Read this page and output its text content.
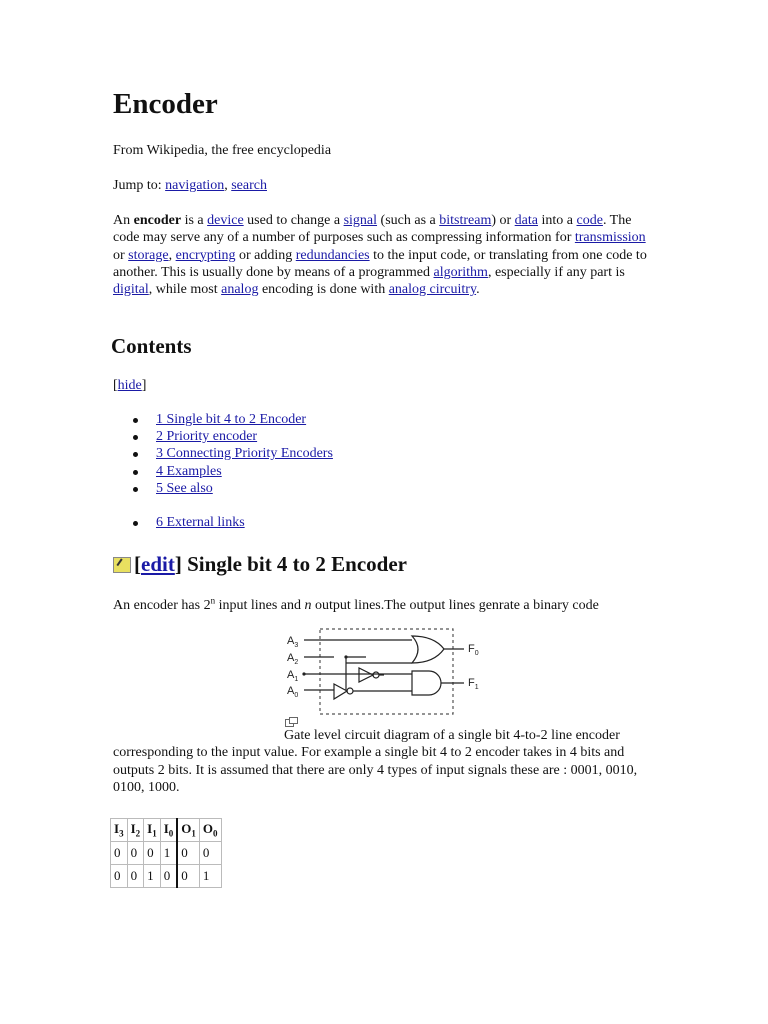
Encoder

From Wikipedia, the free encyclopedia

Jump to: navigation, search

An encoder is a device used to change a signal (such as a bitstream) or data into a code. The code may serve any of a number of purposes such as compressing information for transmission or storage, encrypting or adding redundancies to the input code, or translating from one code to another. This is usually done by means of a programmed algorithm, especially if any part is digital, while most analog encoding is done with analog circuitry.

Contents

[hide]

1 Single bit 4 to 2 Encoder
2 Priority encoder
3 Connecting Priority Encoders
4 Examples
5 See also
6 External links
[ edit ] Single bit 4 to 2 Encoder

An encoder has 2$^n$ input lines and n output lines.The output lines genrate a binary code

$A_3$
$A_2$
$A_1$
$A_0$
$F_0$
$F_1$

Gate level circuit diagram of a single bit 4-to-2 line encoder corresponding to the input value. For example a single bit 4 to 2 encoder takes in 4 bits and outputs 2 bits. It is assumed that there are only 4 types of input signals these are : 0001, 0010, 0100, 1000.

$I_3$	$I_2$	$I_1$	$I_0$	$O_1$	$O_0$
0	0	0	1	0	0
0	0	1	0	0	1
